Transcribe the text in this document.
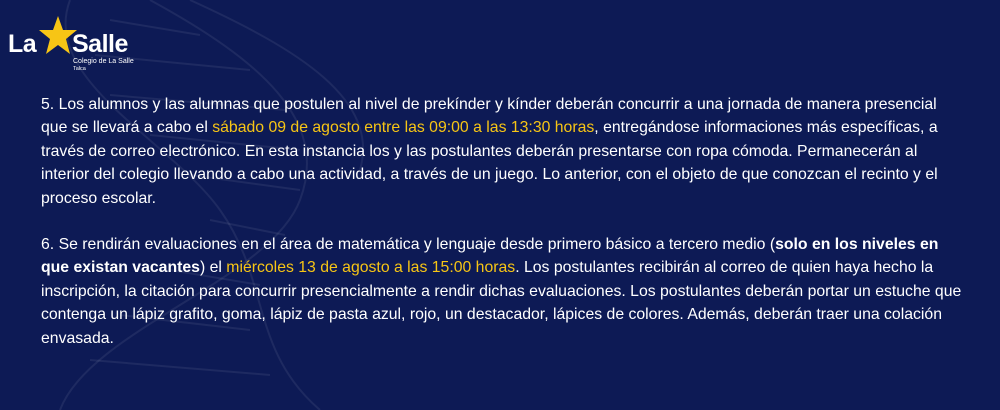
La Salle
Colegio de La Salle
Talca

5. Los alumnos y las alumnas que postulen al nivel de prekínder y kínder deberán concurrir a una jornada de manera presencial que se llevará a cabo el sábado 09 de agosto entre las 09:00 a las 13:30 horas, entregándose informaciones más específicas, a través de correo electrónico. En esta instancia los y las postulantes deberán presentarse con ropa cómoda. Permanecerán al interior del colegio llevando a cabo una actividad, a través de un juego. Lo anterior, con el objeto de que conozcan el recinto y el proceso escolar.

6. Se rendirán evaluaciones en el área de matemática y lenguaje desde primero básico a tercero medio (solo en los niveles en que existan vacantes) el miércoles 13 de agosto a las 15:00 horas. Los postulantes recibirán al correo de quien haya hecho la inscripción, la citación para concurrir presencialmente a rendir dichas evaluaciones. Los postulantes deberán portar un estuche que contenga un lápiz grafito, goma, lápiz de pasta azul, rojo, un destacador, lápices de colores. Además, deberán traer una colación envasada.
